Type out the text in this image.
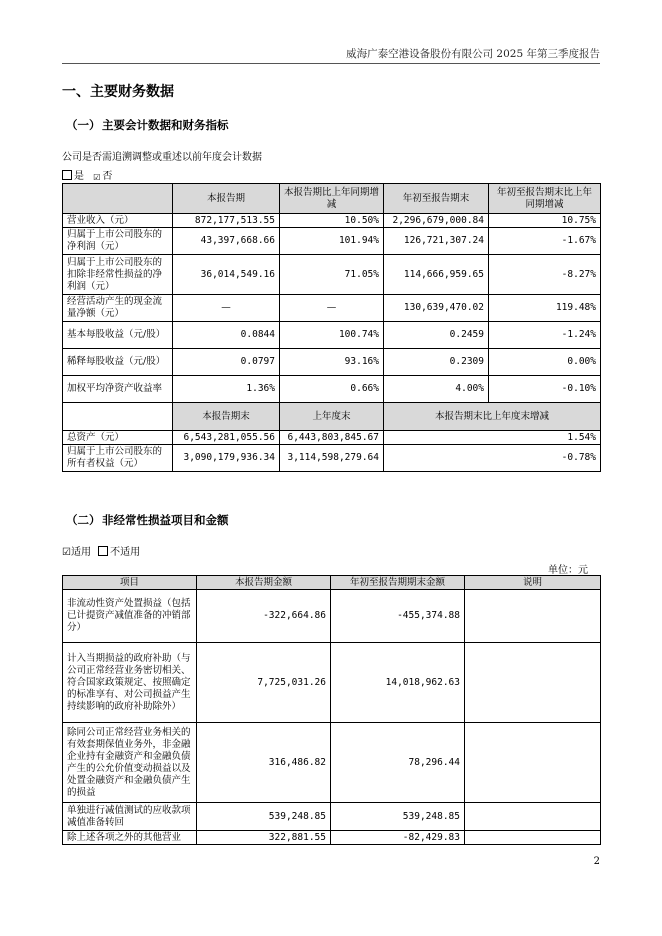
威海广泰空港设备股份有限公司 2025 年第三季度报告
一、主要财务数据
（一） 主要会计数据和财务指标
公司是否需追溯调整或重述以前年度会计数据
是 ☑ 否
	本报告期	本报告期比上年同期增减	年初至报告期末	年初至报告期末比上年同期增减
营业收入（元）	872,177,513.55	10.50%	2,296,679,000.84	10.75%
归属于上市公司股东的净利润（元）	43,397,668.66	101.94%	126,721,307.24	-1.67%
归属于上市公司股东的扣除非经常性损益的净利润（元）	36,014,549.16	71.05%	114,666,959.65	-8.27%
经营活动产生的现金流量净额（元）	—	—	130,639,470.02	119.48%
基本每股收益（元/股）	0.0844	100.74%	0.2459	-1.24%
稀释每股收益（元/股）	0.0797	93.16%	0.2309	0.00%
加权平均净资产收益率	1.36%	0.66%	4.00%	-0.10%
	本报告期末	上年度末	本报告期末比上年度末增减	
总资产（元）	6,543,281,055.56	6,443,803,845.67	1.54%	
归属于上市公司股东的所有者权益（元）	3,090,179,936.34	3,114,598,279.64	-0.78%	
（二） 非经常性损益项目和金额
☑适用 不适用
单位：元
项目	本报告期金额	年初至报告期期末金额	说明
非流动性资产处置损益（包括已计提资产减值准备的冲销部分）	-322,664.86	-455,374.88	
计入当期损益的政府补助（与公司正常经营业务密切相关、符合国家政策规定、按照确定的标准享有、对公司损益产生持续影响的政府补助除外）	7,725,031.26	14,018,962.63	
除同公司正常经营业务相关的有效套期保值业务外，非金融企业持有金融资产和金融负债产生的公允价值变动损益以及处置金融资产和金融负债产生的损益	316,486.82	78,296.44	
单独进行减值测试的应收款项减值准备转回	539,248.85	539,248.85	
除上述各项之外的其他营业	322,881.55	-82,429.83	
2
